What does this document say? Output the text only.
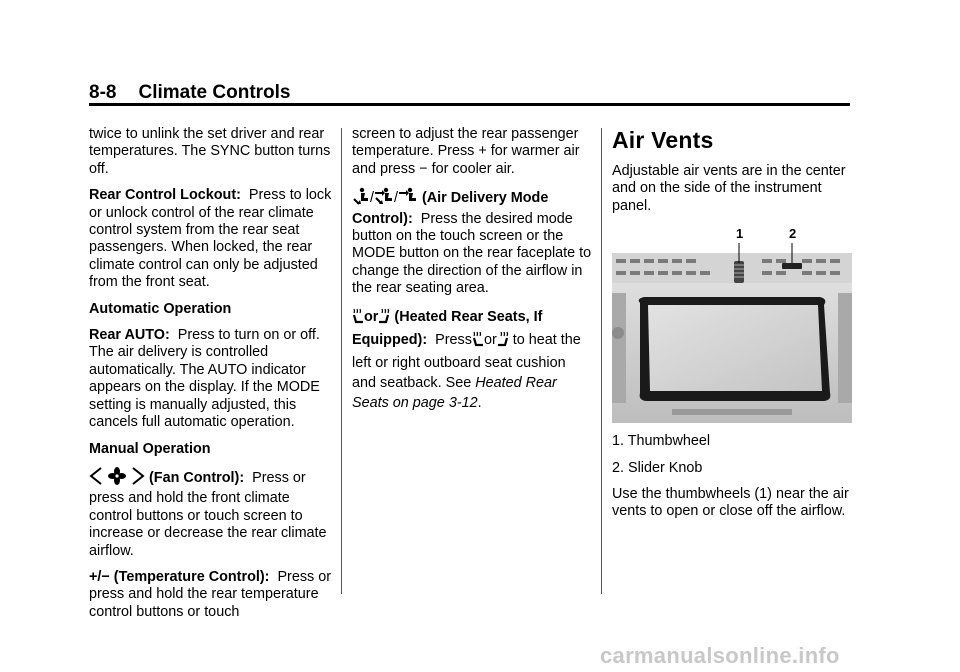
8-8 Climate Controls

twice to unlink the set driver and rear temperatures. The SYNC button turns off.

Rear Control Lockout: Press to lock or unlock control of the rear climate control system from the rear seat passengers. When locked, the rear climate control can only be adjusted from the front seat.

Automatic Operation

Rear AUTO: Press to turn on or off. The air delivery is controlled automatically. The AUTO indicator appears on the display. If the MODE setting is manually adjusted, this cancels full automatic operation.

Manual Operation

(Fan Control): Press or press and hold the front climate control buttons or touch screen to increase or decrease the rear climate airflow.

+/− (Temperature Control): Press or press and hold the rear temperature control buttons or touch

screen to adjust the rear passenger temperature. Press + for warmer air and press − for cooler air.

/ / (Air Delivery Mode Control): Press the desired mode button on the touch screen or the MODE button on the rear faceplate to change the direction of the airflow in the rear seating area.

or (Heated Rear Seats, If Equipped): Press or to heat the left or right outboard seat cushion and seatback. See Heated Rear Seats on page 3-12.

Air Vents

Adjustable air vents are in the center and on the side of the instrument panel.

1	2

1. Thumbwheel

2. Slider Knob

Use the thumbwheels (1) near the air vents to open or close off the airflow.

carmanualsonline.info
